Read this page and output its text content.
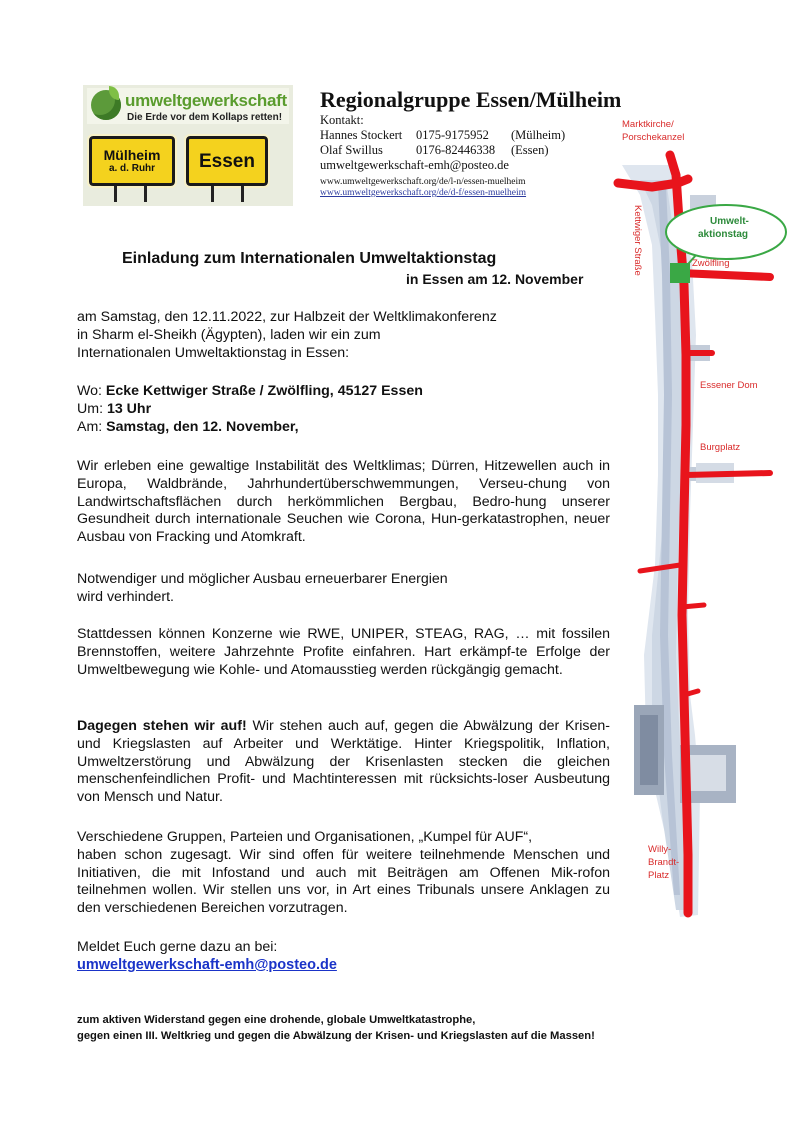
umweltgewerkschaft
Die Erde vor dem Kollaps retten!
Mülheim
a. d. Ruhr Essen
Regionalgruppe Essen/Mülheim
Kontakt:
Hannes Stockert 0175-9175952 (Mülheim)
Olaf Swillus	0176-82446338 (Essen)
umweltgewerkschaft-emh@posteo.de
www.umweltgewerkschaft.org/de/l-n/essen-muelheim
www.umweltgewerkschaft.org/de/d-f/essen-muelheim
Einladung zum Internationalen Umweltaktionstag
in Essen am 12. November
am Samstag, den 12.11.2022, zur Halbzeit der Weltklimakonferenz
in Sharm el-Sheikh (Ägypten), laden wir ein zum
Internationalen Umweltaktionstag in Essen:
Wo: Ecke Kettwiger Straße / Zwölfling, 45127 Essen
Um: 13 Uhr
Am: Samstag, den 12. November,
Wir erleben eine gewaltige Instabilität des Weltklimas; Dürren, Hitzewellen auch in Europa, Waldbrände, Jahrhundertüberschwemmungen, Verseu-chung von Landwirtschaftsflächen durch herkömmlichen Bergbau, Bedro-hung unserer Gesundheit durch internationale Seuchen wie Corona, Hun-gerkatastrophen, neuer Ausbau von Fracking und Atomkraft.
Notwendiger und möglicher Ausbau erneuerbarer Energien
wird verhindert.
Stattdessen können Konzerne wie RWE, UNIPER, STEAG, RAG, … mit fossilen Brennstoffen, weitere Jahrzehnte Profite einfahren. Hart erkämpf-te Erfolge der Umweltbewegung wie Kohle- und Atomausstieg werden rückgängig gemacht.
Dagegen stehen wir auf! Wir stehen auch auf, gegen die Abwälzung der Krisen- und Kriegslasten auf Arbeiter und Werktätige. Hinter Kriegspolitik, Inflation, Umweltzerstörung und Abwälzung der Krisenlasten stecken die gleichen menschenfeindlichen Profit- und Machtinteressen mit rücksichts-loser Ausbeutung von Mensch und Natur.
Verschiedene Gruppen, Parteien und Organisationen, „Kumpel für AUF“,
haben schon zugesagt. Wir sind offen für weitere teilnehmende Menschen und Initiativen, die mit Infostand und auch mit Beiträgen am Offenen Mik-rofon teilnehmen wollen. Wir stellen uns vor, in Art eines Tribunals unsere Anklagen zu den verschiedenen Bereichen vorzutragen.
Meldet Euch gerne dazu an bei:
umweltgewerkschaft-emh@posteo.de
zum aktiven Widerstand gegen eine drohende, globale Umweltkatastrophe,
gegen einen III. Weltkrieg und gegen die Abwälzung der Krisen- und Kriegslasten auf die Massen!
Umwelt-
aktionstag
Marktkirche/
Porschekanzel
Kettwiger Straße	Zwölfling
Essener Dom
Burgplatz
Willy-
Brandt-
Platz
